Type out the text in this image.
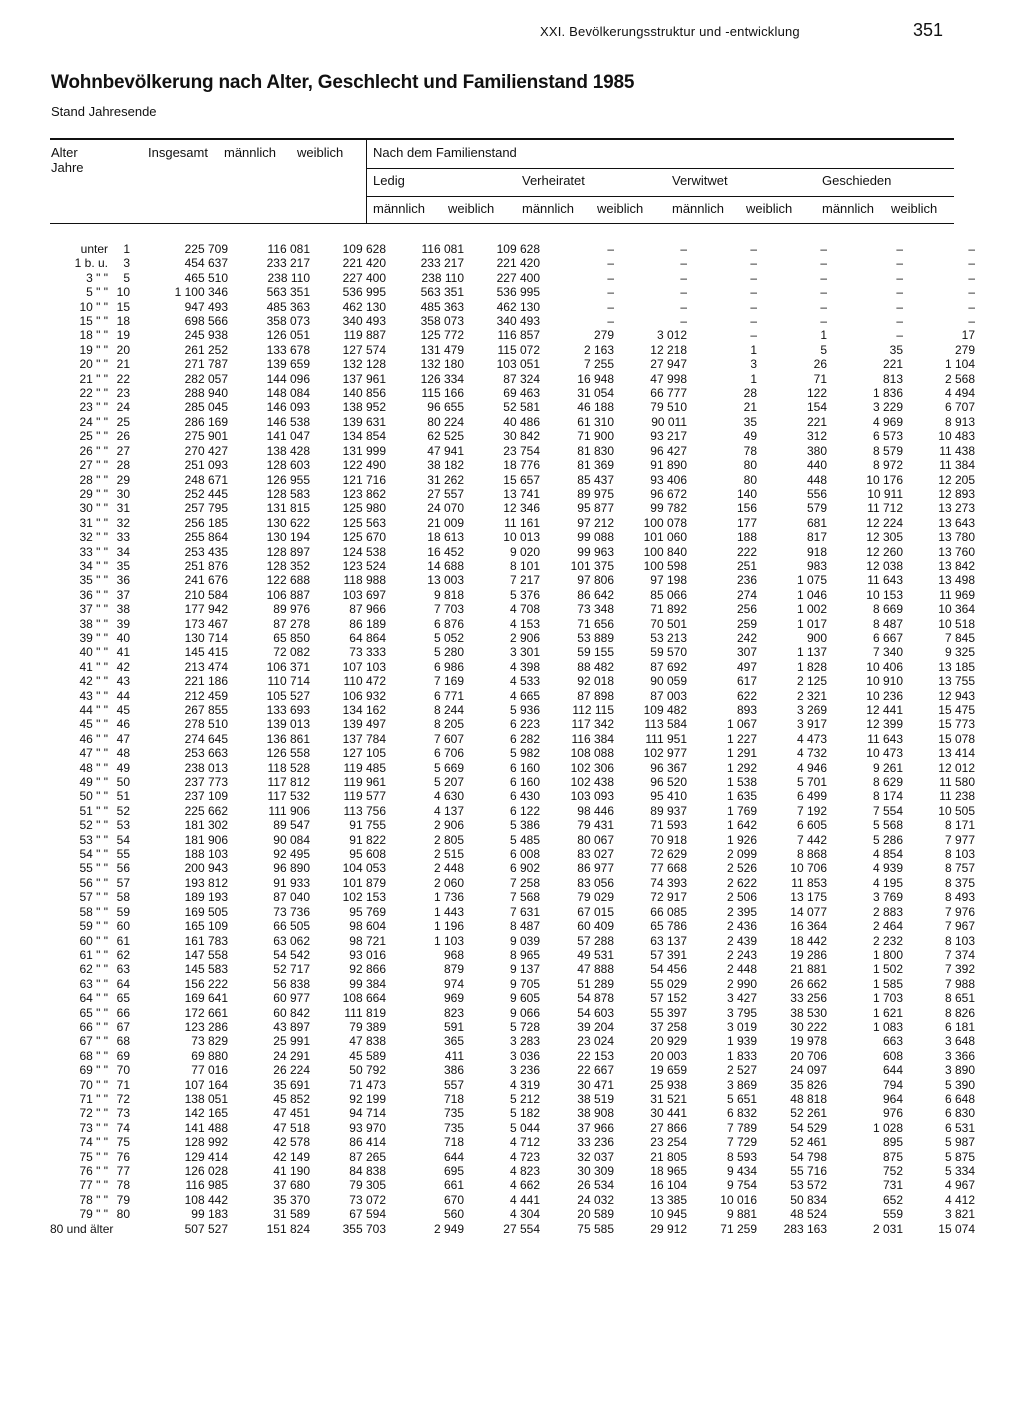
XXI. Bevölkerungsstruktur und -entwicklung	351
Wohnbevölkerung nach Alter, Geschlecht und Familienstand 1985
Stand Jahresende
Alter
Jahre
Insgesamt männlich weiblich Nach dem Familienstand
Ledig	Verheiratet	Verwitwet	Geschieden
männlich weiblich männlich weiblich männlich weiblich männlich weiblich
unter 1	225 709	116 081	109 628	116 081	109 628	–	–	–	–	–	–
1 b. u. 3	454 637	233 217	221 420	233 217	221 420	–	–	–	–	–	–
3 " " 5	465 510	238 110	227 400	238 110	227 400	–	–	–	–	–	–
5 " " 10	1 100 346	563 351	536 995	563 351	536 995	–	–	–	–	–	–
10 " " 15	947 493	485 363	462 130	485 363	462 130	–	–	–	–	–	–
15 " " 18	698 566	358 073	340 493	358 073	340 493	–	–	–	–	–	–
18 " " 19	245 938	126 051	119 887	125 772	116 857	279	3 012	–	1	–	17
19 " " 20	261 252	133 678	127 574	131 479	115 072	2 163	12 218	1	5	35	279
20 " " 21	271 787	139 659	132 128	132 180	103 051	7 255	27 947	3	26	221	1 104
21 " " 22	282 057	144 096	137 961	126 334	87 324	16 948	47 998	1	71	813	2 568
22 " " 23	288 940	148 084	140 856	115 166	69 463	31 054	66 777	28	122	1 836	4 494
23 " " 24	285 045	146 093	138 952	96 655	52 581	46 188	79 510	21	154	3 229	6 707
24 " " 25	286 169	146 538	139 631	80 224	40 486	61 310	90 011	35	221	4 969	8 913
25 " " 26	275 901	141 047	134 854	62 525	30 842	71 900	93 217	49	312	6 573	10 483
26 " " 27	270 427	138 428	131 999	47 941	23 754	81 830	96 427	78	380	8 579	11 438
27 " " 28	251 093	128 603	122 490	38 182	18 776	81 369	91 890	80	440	8 972	11 384
28 " " 29	248 671	126 955	121 716	31 262	15 657	85 437	93 406	80	448	10 176	12 205
29 " " 30	252 445	128 583	123 862	27 557	13 741	89 975	96 672	140	556	10 911	12 893
30 " " 31	257 795	131 815	125 980	24 070	12 346	95 877	99 782	156	579	11 712	13 273
31 " " 32	256 185	130 622	125 563	21 009	11 161	97 212	100 078	177	681	12 224	13 643
32 " " 33	255 864	130 194	125 670	18 613	10 013	99 088	101 060	188	817	12 305	13 780
33 " " 34	253 435	128 897	124 538	16 452	9 020	99 963	100 840	222	918	12 260	13 760
34 " " 35	251 876	128 352	123 524	14 688	8 101	101 375	100 598	251	983	12 038	13 842
35 " " 36	241 676	122 688	118 988	13 003	7 217	97 806	97 198	236	1 075	11 643	13 498
36 " " 37	210 584	106 887	103 697	9 818	5 376	86 642	85 066	274	1 046	10 153	11 969
37 " " 38	177 942	89 976	87 966	7 703	4 708	73 348	71 892	256	1 002	8 669	10 364
38 " " 39	173 467	87 278	86 189	6 876	4 153	71 656	70 501	259	1 017	8 487	10 518
39 " " 40	130 714	65 850	64 864	5 052	2 906	53 889	53 213	242	900	6 667	7 845
40 " " 41	145 415	72 082	73 333	5 280	3 301	59 155	59 570	307	1 137	7 340	9 325
41 " " 42	213 474	106 371	107 103	6 986	4 398	88 482	87 692	497	1 828	10 406	13 185
42 " " 43	221 186	110 714	110 472	7 169	4 533	92 018	90 059	617	2 125	10 910	13 755
43 " " 44	212 459	105 527	106 932	6 771	4 665	87 898	87 003	622	2 321	10 236	12 943
44 " " 45	267 855	133 693	134 162	8 244	5 936	112 115	109 482	893	3 269	12 441	15 475
45 " " 46	278 510	139 013	139 497	8 205	6 223	117 342	113 584	1 067	3 917	12 399	15 773
46 " " 47	274 645	136 861	137 784	7 607	6 282	116 384	111 951	1 227	4 473	11 643	15 078
47 " " 48	253 663	126 558	127 105	6 706	5 982	108 088	102 977	1 291	4 732	10 473	13 414
48 " " 49	238 013	118 528	119 485	5 669	6 160	102 306	96 367	1 292	4 946	9 261	12 012
49 " " 50	237 773	117 812	119 961	5 207	6 160	102 438	96 520	1 538	5 701	8 629	11 580
50 " " 51	237 109	117 532	119 577	4 630	6 430	103 093	95 410	1 635	6 499	8 174	11 238
51 " " 52	225 662	111 906	113 756	4 137	6 122	98 446	89 937	1 769	7 192	7 554	10 505
52 " " 53	181 302	89 547	91 755	2 906	5 386	79 431	71 593	1 642	6 605	5 568	8 171
53 " " 54	181 906	90 084	91 822	2 805	5 485	80 067	70 918	1 926	7 442	5 286	7 977
54 " " 55	188 103	92 495	95 608	2 515	6 008	83 027	72 629	2 099	8 868	4 854	8 103
55 " " 56	200 943	96 890	104 053	2 448	6 902	86 977	77 668	2 526	10 706	4 939	8 757
56 " " 57	193 812	91 933	101 879	2 060	7 258	83 056	74 393	2 622	11 853	4 195	8 375
57 " " 58	189 193	87 040	102 153	1 736	7 568	79 029	72 917	2 506	13 175	3 769	8 493
58 " " 59	169 505	73 736	95 769	1 443	7 631	67 015	66 085	2 395	14 077	2 883	7 976
59 " " 60	165 109	66 505	98 604	1 196	8 487	60 409	65 786	2 436	16 364	2 464	7 967
60 " " 61	161 783	63 062	98 721	1 103	9 039	57 288	63 137	2 439	18 442	2 232	8 103
61 " " 62	147 558	54 542	93 016	968	8 965	49 531	57 391	2 243	19 286	1 800	7 374
62 " " 63	145 583	52 717	92 866	879	9 137	47 888	54 456	2 448	21 881	1 502	7 392
63 " " 64	156 222	56 838	99 384	974	9 705	51 289	55 029	2 990	26 662	1 585	7 988
64 " " 65	169 641	60 977	108 664	969	9 605	54 878	57 152	3 427	33 256	1 703	8 651
65 " " 66	172 661	60 842	111 819	823	9 066	54 603	55 397	3 795	38 530	1 621	8 826
66 " " 67	123 286	43 897	79 389	591	5 728	39 204	37 258	3 019	30 222	1 083	6 181
67 " " 68	73 829	25 991	47 838	365	3 283	23 024	20 929	1 939	19 978	663	3 648
68 " " 69	69 880	24 291	45 589	411	3 036	22 153	20 003	1 833	20 706	608	3 366
69 " " 70	77 016	26 224	50 792	386	3 236	22 667	19 659	2 527	24 097	644	3 890
70 " " 71	107 164	35 691	71 473	557	4 319	30 471	25 938	3 869	35 826	794	5 390
71 " " 72	138 051	45 852	92 199	718	5 212	38 519	31 521	5 651	48 818	964	6 648
72 " " 73	142 165	47 451	94 714	735	5 182	38 908	30 441	6 832	52 261	976	6 830
73 " " 74	141 488	47 518	93 970	735	5 044	37 966	27 866	7 789	54 529	1 028	6 531
74 " " 75	128 992	42 578	86 414	718	4 712	33 236	23 254	7 729	52 461	895	5 987
75 " " 76	129 414	42 149	87 265	644	4 723	32 037	21 805	8 593	54 798	875	5 875
76 " " 77	126 028	41 190	84 838	695	4 823	30 309	18 965	9 434	55 716	752	5 334
77 " " 78	116 985	37 680	79 305	661	4 662	26 534	16 104	9 754	53 572	731	4 967
78 " " 79	108 442	35 370	73 072	670	4 441	24 032	13 385	10 016	50 834	652	4 412
79 " " 80	99 183	31 589	67 594	560	4 304	20 589	10 945	9 881	48 524	559	3 821
80 und älter	507 527	151 824	355 703	2 949	27 554	75 585	29 912	71 259	283 163	2 031	15 074
